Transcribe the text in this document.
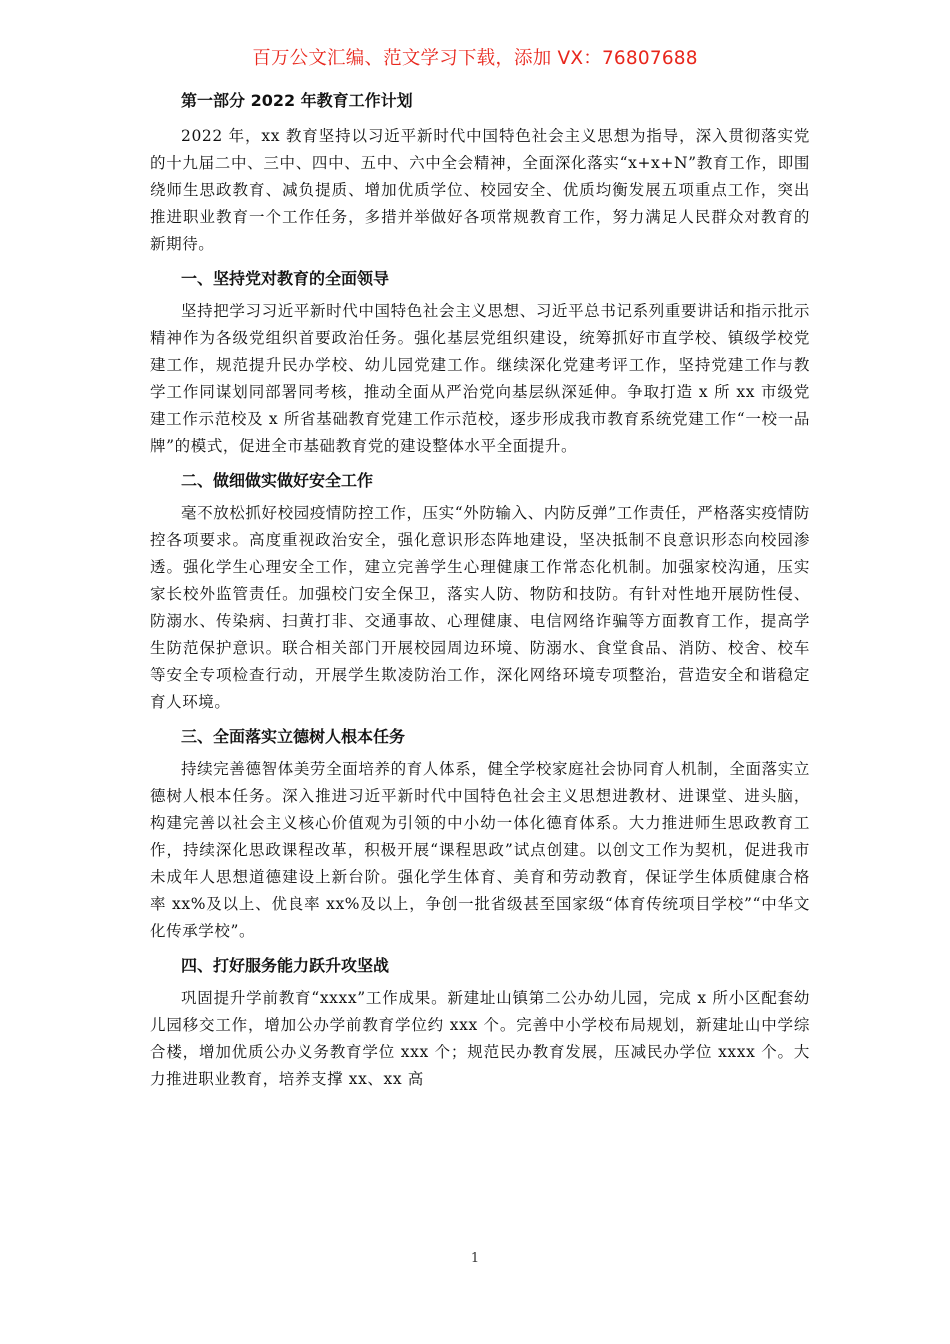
百万公文汇编、范文学习下载，添加 VX：76807688
第一部分 2022 年教育工作计划

2022 年，xx 教育坚持以习近平新时代中国特色社会主义思想为指导，深入贯彻落实党的十九届二中、三中、四中、五中、六中全会精神，全面深化落实“x+x+N”教育工作，即围绕师生思政教育、减负提质、增加优质学位、校园安全、优质均衡发展五项重点工作，突出推进职业教育一个工作任务，多措并举做好各项常规教育工作，努力满足人民群众对教育的新期待。

一、坚持党对教育的全面领导

坚持把学习习近平新时代中国特色社会主义思想、习近平总书记系列重要讲话和指示批示精神作为各级党组织首要政治任务。强化基层党组织建设，统筹抓好市直学校、镇级学校党建工作，规范提升民办学校、幼儿园党建工作。继续深化党建考评工作，坚持党建工作与教学工作同谋划同部署同考核，推动全面从严治党向基层纵深延伸。争取打造 x 所 xx 市级党建工作示范校及 x 所省基础教育党建工作示范校，逐步形成我市教育系统党建工作“一校一品牌”的模式，促进全市基础教育党的建设整体水平全面提升。

二、做细做实做好安全工作

毫不放松抓好校园疫情防控工作，压实“外防输入、内防反弹”工作责任，严格落实疫情防控各项要求。高度重视政治安全，强化意识形态阵地建设，坚决抵制不良意识形态向校园渗透。强化学生心理安全工作，建立完善学生心理健康工作常态化机制。加强家校沟通，压实家长校外监管责任。加强校门安全保卫，落实人防、物防和技防。有针对性地开展防性侵、防溺水、传染病、扫黄打非、交通事故、心理健康、电信网络诈骗等方面教育工作，提高学生防范保护意识。联合相关部门开展校园周边环境、防溺水、食堂食品、消防、校舍、校车等安全专项检查行动，开展学生欺凌防治工作，深化网络环境专项整治，营造安全和谐稳定育人环境。

三、全面落实立德树人根本任务

持续完善德智体美劳全面培养的育人体系，健全学校家庭社会协同育人机制，全面落实立德树人根本任务。深入推进习近平新时代中国特色社会主义思想进教材、进课堂、进头脑，构建完善以社会主义核心价值观为引领的中小幼一体化德育体系。大力推进师生思政教育工作，持续深化思政课程改革，积极开展“课程思政”试点创建。以创文工作为契机，促进我市未成年人思想道德建设上新台阶。强化学生体育、美育和劳动教育，保证学生体质健康合格率 xx%及以上、优良率 xx%及以上，争创一批省级甚至国家级“体育传统项目学校”“中华文化传承学校”。

四、打好服务能力跃升攻坚战

巩固提升学前教育“xxxx”工作成果。新建址山镇第二公办幼儿园，完成 x 所小区配套幼儿园移交工作，增加公办学前教育学位约 xxx 个。完善中小学校布局规划，新建址山中学综合楼，增加优质公办义务教育学位 xxx 个；规范民办教育发展，压减民办学位 xxxx 个。大力推进职业教育，培养支撑 xx、xx 高

1
